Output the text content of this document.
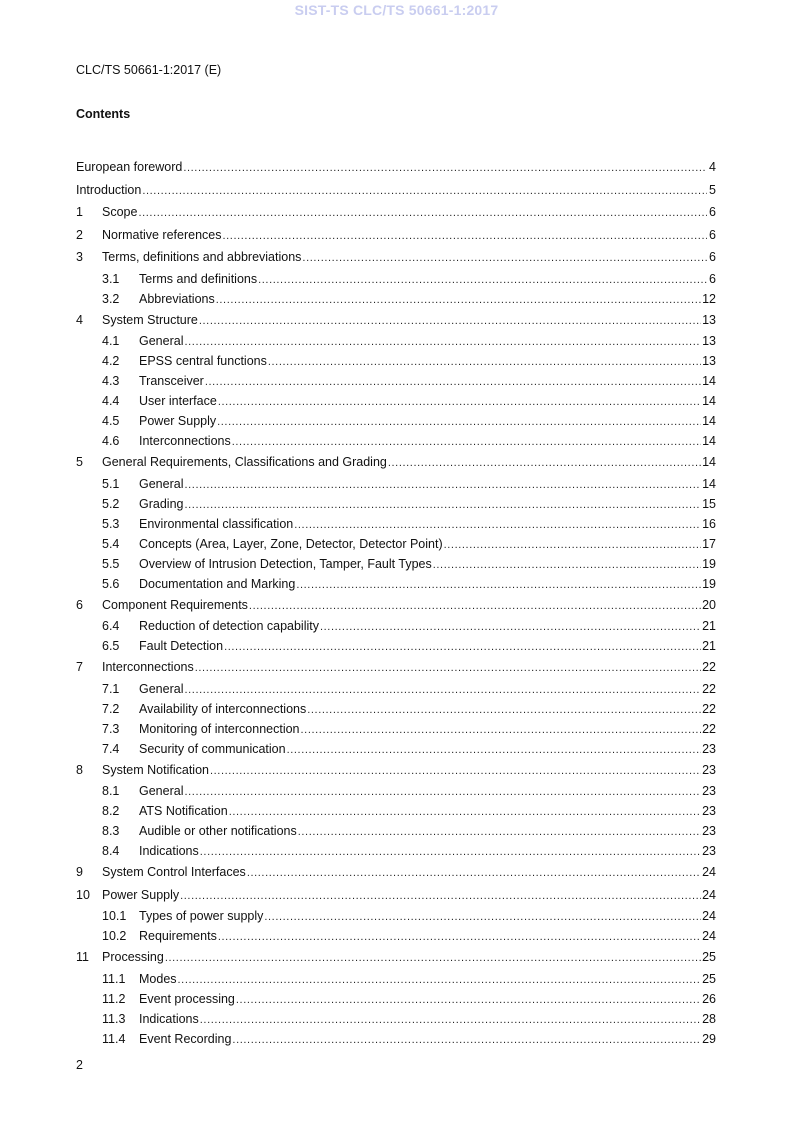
SIST-TS CLC/TS 50661-1:2017
CLC/TS 50661-1:2017 (E)
Contents
European foreword .....	4
Introduction .....	5
1	Scope .....	6
2	Normative references .....	6
3	Terms, definitions and abbreviations .....	6
3.1	Terms and definitions .....	6
3.2	Abbreviations .....	12
4	System Structure .....	13
4.1	General .....	13
4.2	EPSS central functions .....	13
4.3	Transceiver .....	14
4.4	User interface .....	14
4.5	Power Supply .....	14
4.6	Interconnections .....	14
5	General Requirements, Classifications and Grading .....	14
5.1	General .....	14
5.2	Grading .....	15
5.3	Environmental classification .....	16
5.4	Concepts (Area, Layer, Zone, Detector, Detector Point) .....	17
5.5	Overview of Intrusion Detection, Tamper, Fault Types .....	19
5.6	Documentation and Marking .....	19
6	Component Requirements .....	20
6.4	Reduction of detection capability .....	21
6.5	Fault Detection .....	21
7	Interconnections .....	22
7.1	General .....	22
7.2	Availability of interconnections .....	22
7.3	Monitoring of interconnection .....	22
7.4	Security of communication .....	23
8	System Notification .....	23
8.1	General .....	23
8.2	ATS Notification .....	23
8.3	Audible or other notifications .....	23
8.4	Indications .....	23
9	System Control Interfaces .....	24
10 Power Supply .....	24
10.1	Types of power supply .....	24
10.2	Requirements .....	24
11	Processing .....	25
11.1	Modes .....	25
11.2	Event processing .....	26
11.3	Indications .....	28
11.4	Event Recording .....	29
2
